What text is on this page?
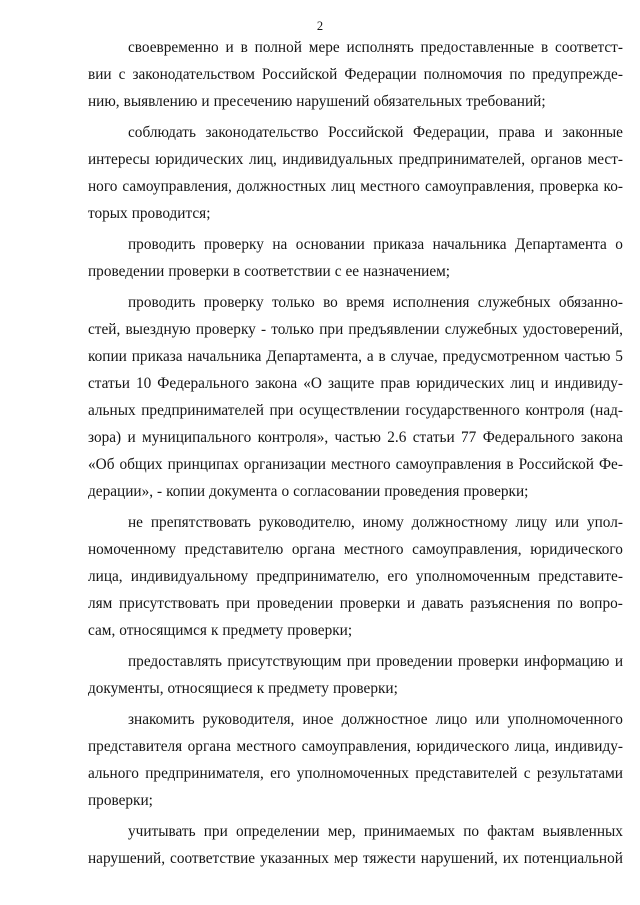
2
своевременно и в полной мере исполнять предоставленные в соответст-
вии с законодательством Российской Федерации полномочия по предупрежде-
нию, выявлению и пресечению нарушений обязательных требований;
соблюдать законодательство Российской Федерации, права и законные
интересы юридических лиц, индивидуальных предпринимателей, органов мест-
ного самоуправления, должностных лиц местного самоуправления, проверка ко-
торых проводится;
проводить проверку на основании приказа начальника Департамента о
проведении проверки в соответствии с ее назначением;
проводить проверку только во время исполнения служебных обязанно-
стей, выездную проверку - только при предъявлении служебных удостоверений,
копии приказа начальника Департамента, а в случае, предусмотренном частью 5
статьи 10 Федерального закона «О защите прав юридических лиц и индивиду-
альных предпринимателей при осуществлении государственного контроля (над-
зора) и муниципального контроля», частью 2.6 статьи 77 Федерального закона
«Об общих принципах организации местного самоуправления в Российской Фе-
дерации», - копии документа о согласовании проведения проверки;
не препятствовать руководителю, иному должностному лицу или упол-
номоченному представителю органа местного самоуправления, юридического
лица, индивидуальному предпринимателю, его уполномоченным представите-
лям присутствовать при проведении проверки и давать разъяснения по вопро-
сам, относящимся к предмету проверки;
предоставлять присутствующим при проведении проверки информацию и
документы, относящиеся к предмету проверки;
знакомить руководителя, иное должностное лицо или уполномоченного
представителя органа местного самоуправления, юридического лица, индивиду-
ального предпринимателя, его уполномоченных представителей с результатами
проверки;
учитывать при определении мер, принимаемых по фактам выявленных
нарушений, соответствие указанных мер тяжести нарушений, их потенциальной
